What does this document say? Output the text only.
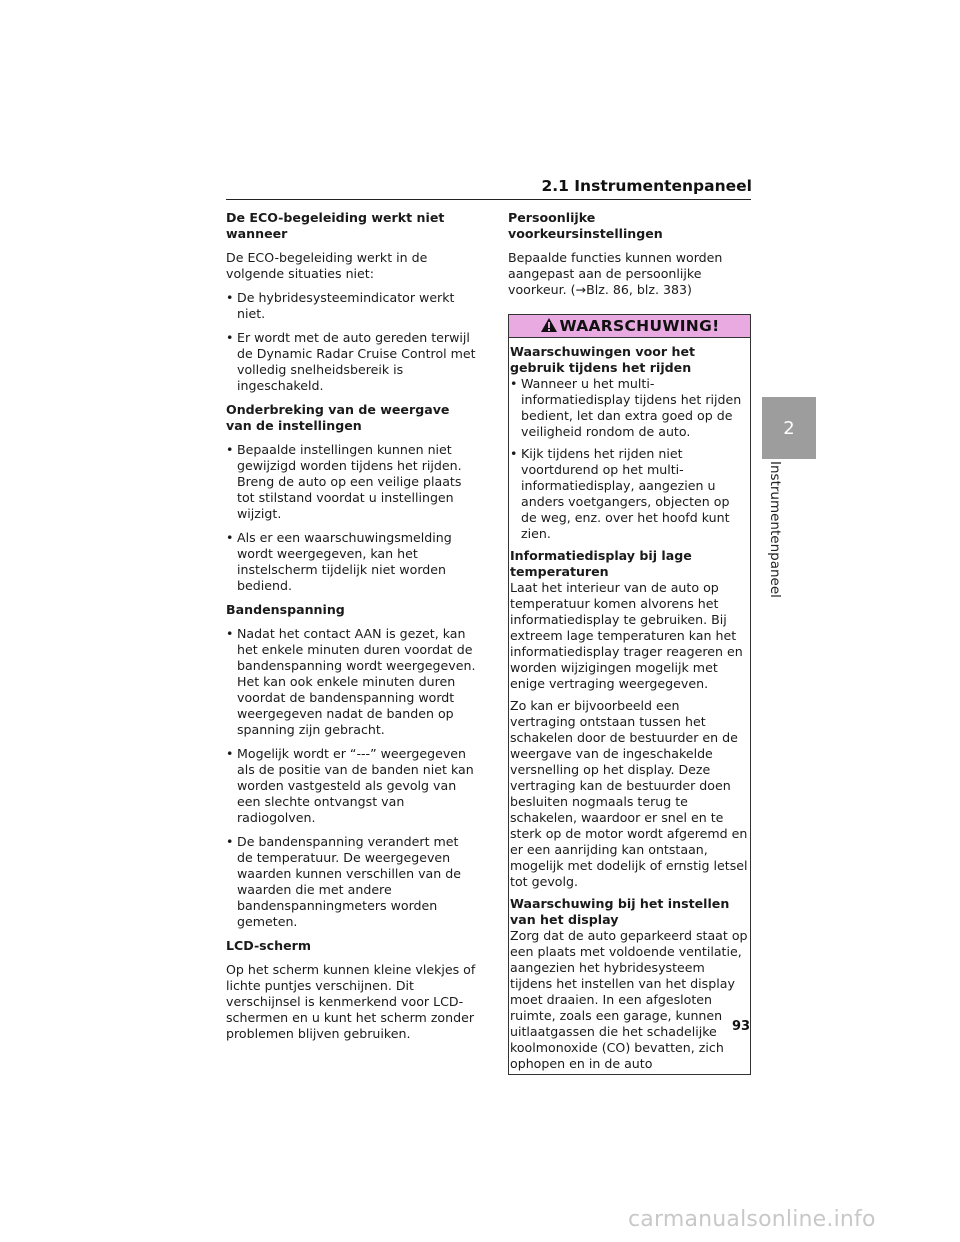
2.1 Instrumentenpaneel
De ECO-begeleiding werkt niet wanneer
De ECO-begeleiding werkt in de volgende situaties niet:
• De hybridesysteemindicator werkt niet.
• Er wordt met de auto gereden terwijl de Dynamic Radar Cruise Control met volledig snelheidsbereik is ingeschakeld.
Onderbreking van de weergave van de instellingen
• Bepaalde instellingen kunnen niet gewijzigd worden tijdens het rijden. Breng de auto op een veilige plaats tot stilstand voordat u instellingen wijzigt.
• Als er een waarschuwingsmelding wordt weergegeven, kan het instelscherm tijdelijk niet worden bediend.
Bandenspanning
• Nadat het contact AAN is gezet, kan het enkele minuten duren voordat de bandenspanning wordt weergegeven. Het kan ook enkele minuten duren voordat de bandenspanning wordt weergegeven nadat de banden op spanning zijn gebracht.
• Mogelijk wordt er “---” weergegeven als de positie van de banden niet kan worden vastgesteld als gevolg van een slechte ontvangst van radiogolven.
• De bandenspanning verandert met de temperatuur. De weergegeven waarden kunnen verschillen van de waarden die met andere bandenspanningmeters worden gemeten.
LCD-scherm
Op het scherm kunnen kleine vlekjes of lichte puntjes verschijnen. Dit verschijnsel is kenmerkend voor LCD-schermen en u kunt het scherm zonder problemen blijven gebruiken.
Persoonlijke voorkeursinstellingen
Bepaalde functies kunnen worden aangepast aan de persoonlijke voorkeur. (→Blz. 86, blz. 383)
WAARSCHUWING!
Waarschuwingen voor het gebruik tijdens het rijden
• Wanneer u het multi-informatiedisplay tijdens het rijden bedient, let dan extra goed op de veiligheid rondom de auto.
• Kijk tijdens het rijden niet voortdurend op het multi-informatiedisplay, aangezien u anders voetgangers, objecten op de weg, enz. over het hoofd kunt zien.
Informatiedisplay bij lage temperaturen
Laat het interieur van de auto op temperatuur komen alvorens het informatiedisplay te gebruiken. Bij extreem lage temperaturen kan het informatiedisplay trager reageren en worden wijzigingen mogelijk met enige vertraging weergegeven.
Zo kan er bijvoorbeeld een vertraging ontstaan tussen het schakelen door de bestuurder en de weergave van de ingeschakelde versnelling op het display. Deze vertraging kan de bestuurder doen besluiten nogmaals terug te schakelen, waardoor er snel en te sterk op de motor wordt afgeremd en er een aanrijding kan ontstaan, mogelijk met dodelijk of ernstig letsel tot gevolg.
Waarschuwing bij het instellen van het display
Zorg dat de auto geparkeerd staat op een plaats met voldoende ventilatie, aangezien het hybridesysteem tijdens het instellen van het display moet draaien. In een afgesloten ruimte, zoals een garage, kunnen uitlaatgassen die het schadelijke koolmonoxide (CO) bevatten, zich ophopen en in de auto
2
Instrumentenpaneel
93
carmanualsonline.info
